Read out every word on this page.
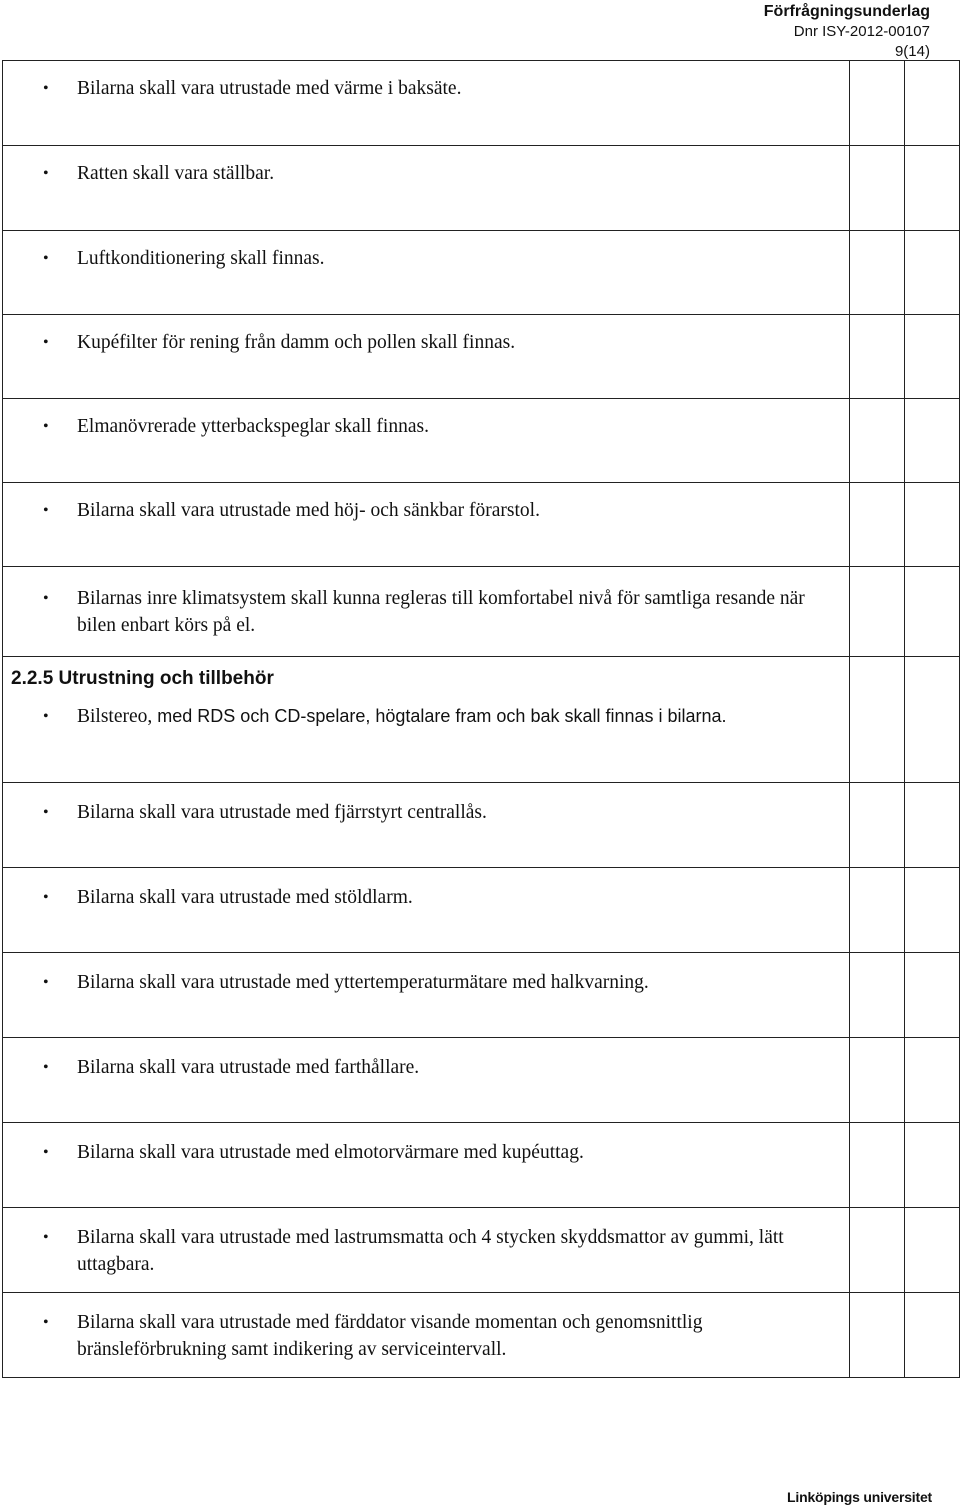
Förfrågningsunderlag
Dnr ISY-2012-00107
9(14)
• Bilarna skall vara utrustade med värme i baksäte.		

• Ratten skall vara ställbar.		

• Luftkonditionering skall finnas.		

• Kupéfilter för rening från damm och pollen skall finnas.		

• Elmanövrerade ytterbackspeglar skall finnas.		

• Bilarna skall vara utrustade med höj- och sänkbar förarstol.		

• Bilarnas inre klimatsystem skall kunna regleras till komfortabel nivå för samtliga resande när bilen enbart körs på el.		

2.2.5 Utrustning och tillbehör
• Bilstereo, med RDS och CD-spelare, högtalare fram och bak skall finnas i bilarna.		

• Bilarna skall vara utrustade med fjärrstyrt centrallås.		

• Bilarna skall vara utrustade med stöldlarm.		

• Bilarna skall vara utrustade med yttertemperaturmätare med halkvarning.		

• Bilarna skall vara utrustade med farthållare.		

• Bilarna skall vara utrustade med elmotorvärmare med kupéuttag.		

• Bilarna skall vara utrustade med lastrumsmatta och 4 stycken skyddsmattor av gummi, lätt uttagbara.		

• Bilarna skall vara utrustade med färddator visande momentan och genomsnittlig bränsleförbrukning samt indikering av serviceintervall.		

Linköpings universitet
